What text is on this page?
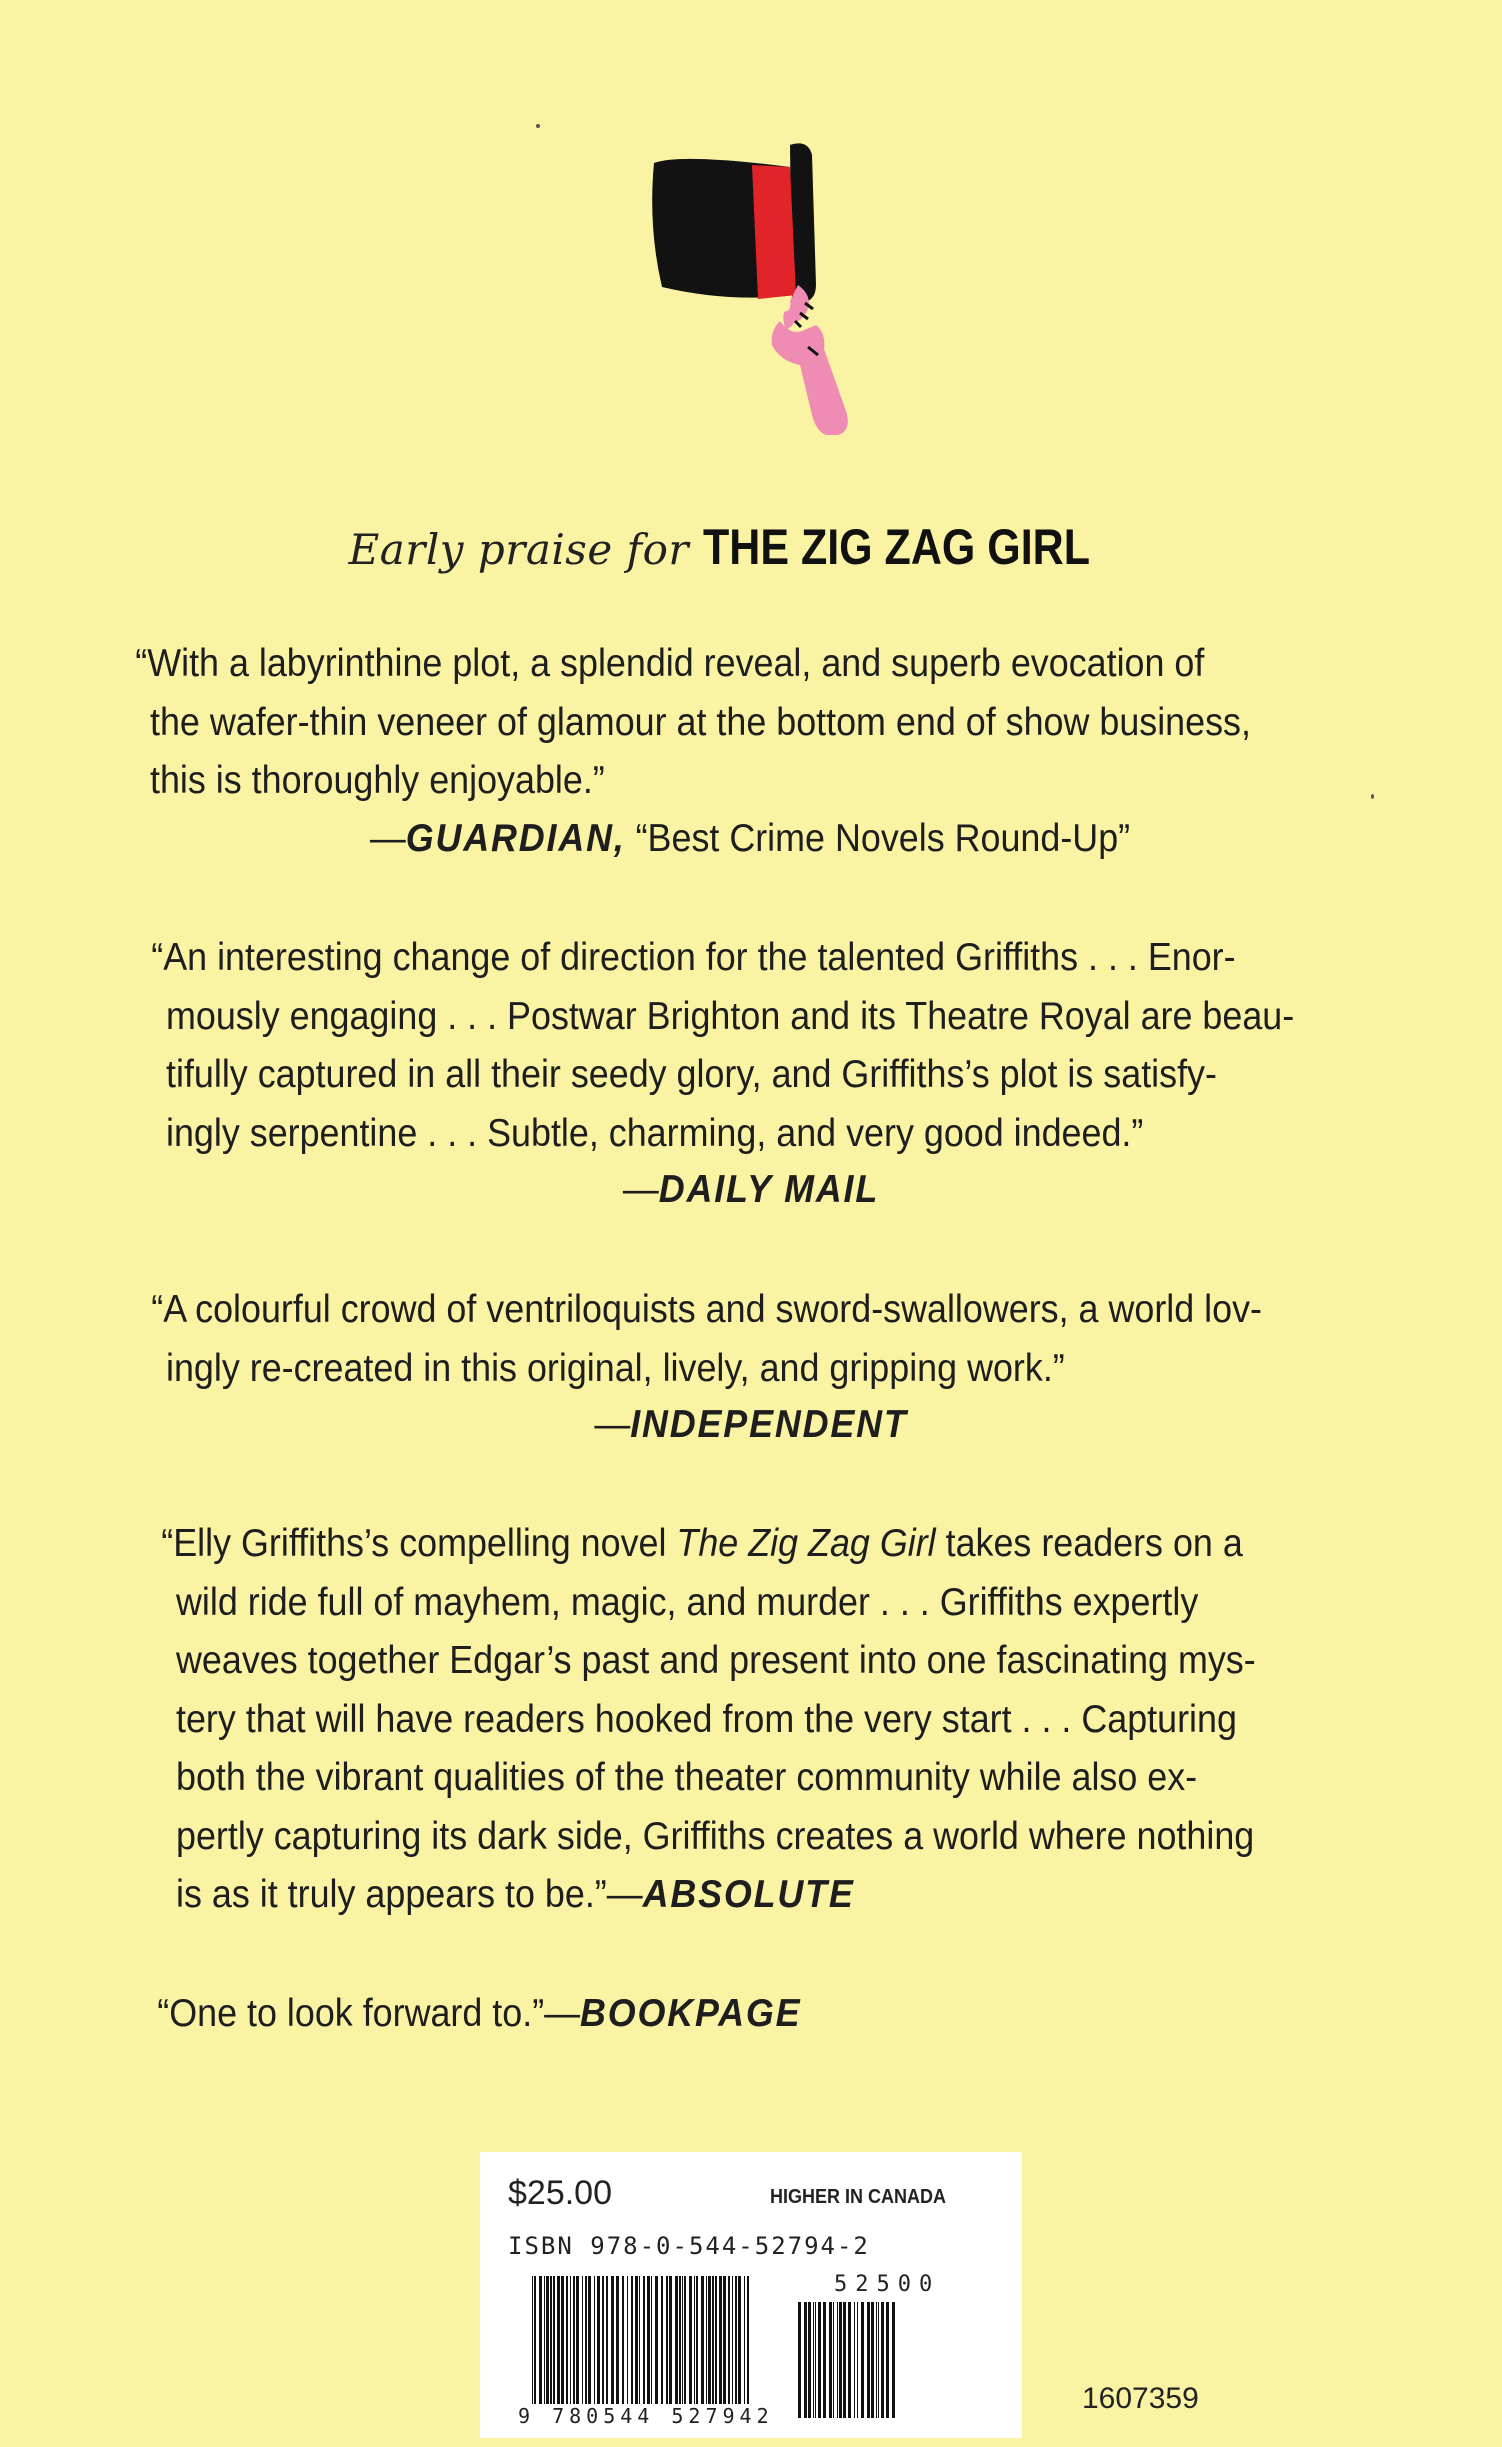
Early praise for THE ZIG ZAG GIRL
“With a labyrinthine plot, a splendid reveal, and superb evocation of
the wafer-thin veneer of glamour at the bottom end of show business,
this is thoroughly enjoyable.”
—GUARDIAN, “Best Crime Novels Round-Up”
“An interesting change of direction for the talented Griffiths . . . Enor-
mously engaging . . . Postwar Brighton and its Theatre Royal are beau-
tifully captured in all their seedy glory, and Griffiths’s plot is satisfy-
ingly serpentine . . . Subtle, charming, and very good indeed.”
—DAILY MAIL
“A colourful crowd of ventriloquists and sword-swallowers, a world lov-
ingly re-created in this original, lively, and gripping work.”
—INDEPENDENT
“Elly Griffiths’s compelling novel The Zig Zag Girl takes readers on a
wild ride full of mayhem, magic, and murder . . . Griffiths expertly
weaves together Edgar’s past and present into one fascinating mys-
tery that will have readers hooked from the very start . . . Capturing
both the vibrant qualities of the theater community while also ex-
pertly capturing its dark side, Griffiths creates a world where nothing
is as it truly appears to be.”—ABSOLUTE
“One to look forward to.”—BOOKPAGE
$25.00	HIGHER IN CANADA
ISBN 978-0-544-52794-2
9 780544 527942
52500
1607359
